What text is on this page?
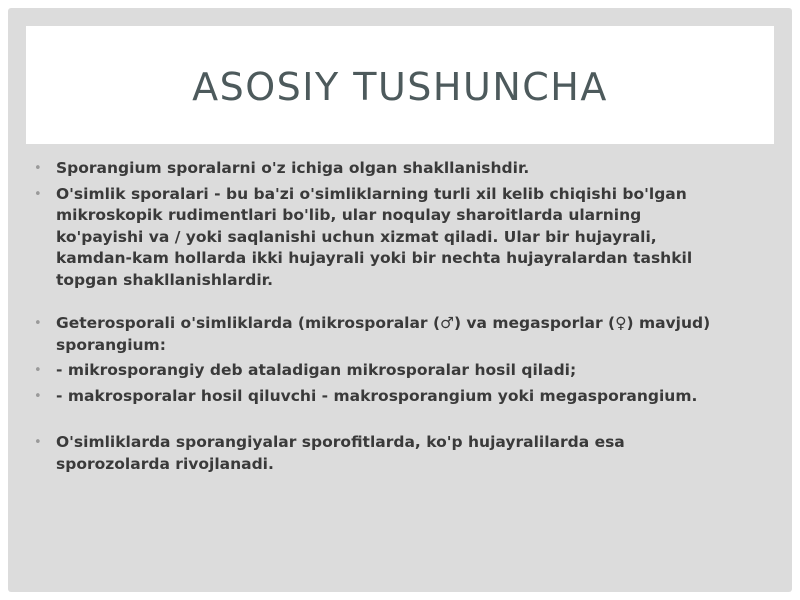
ASOSIY TUSHUNCHA
• Sporangium sporalarni o'z ichiga olgan shakllanishdir.
• O'simlik sporalari - bu ba'zi o'simliklarning turli xil kelib chiqishi bo'lgan mikroskopik rudimentlari bo'lib, ular noqulay sharoitlarda ularning ko'payishi va / yoki saqlanishi uchun xizmat qiladi. Ular bir hujayrali, kamdan-kam hollarda ikki hujayrali yoki bir nechta hujayralardan tashkil topgan shakllanishlardir.
• Geterosporali o'simliklarda (mikrosporalar (♂) va megasporlar (♀) mavjud) sporangium:
• - mikrosporangiy deb ataladigan mikrosporalar hosil qiladi;
• - makrosporalar hosil qiluvchi - makrosporangium yoki megasporangium.
• O'simliklarda sporangiyalar sporofitlarda, ko'p hujayralilarda esa sporozolarda rivojlanadi.
